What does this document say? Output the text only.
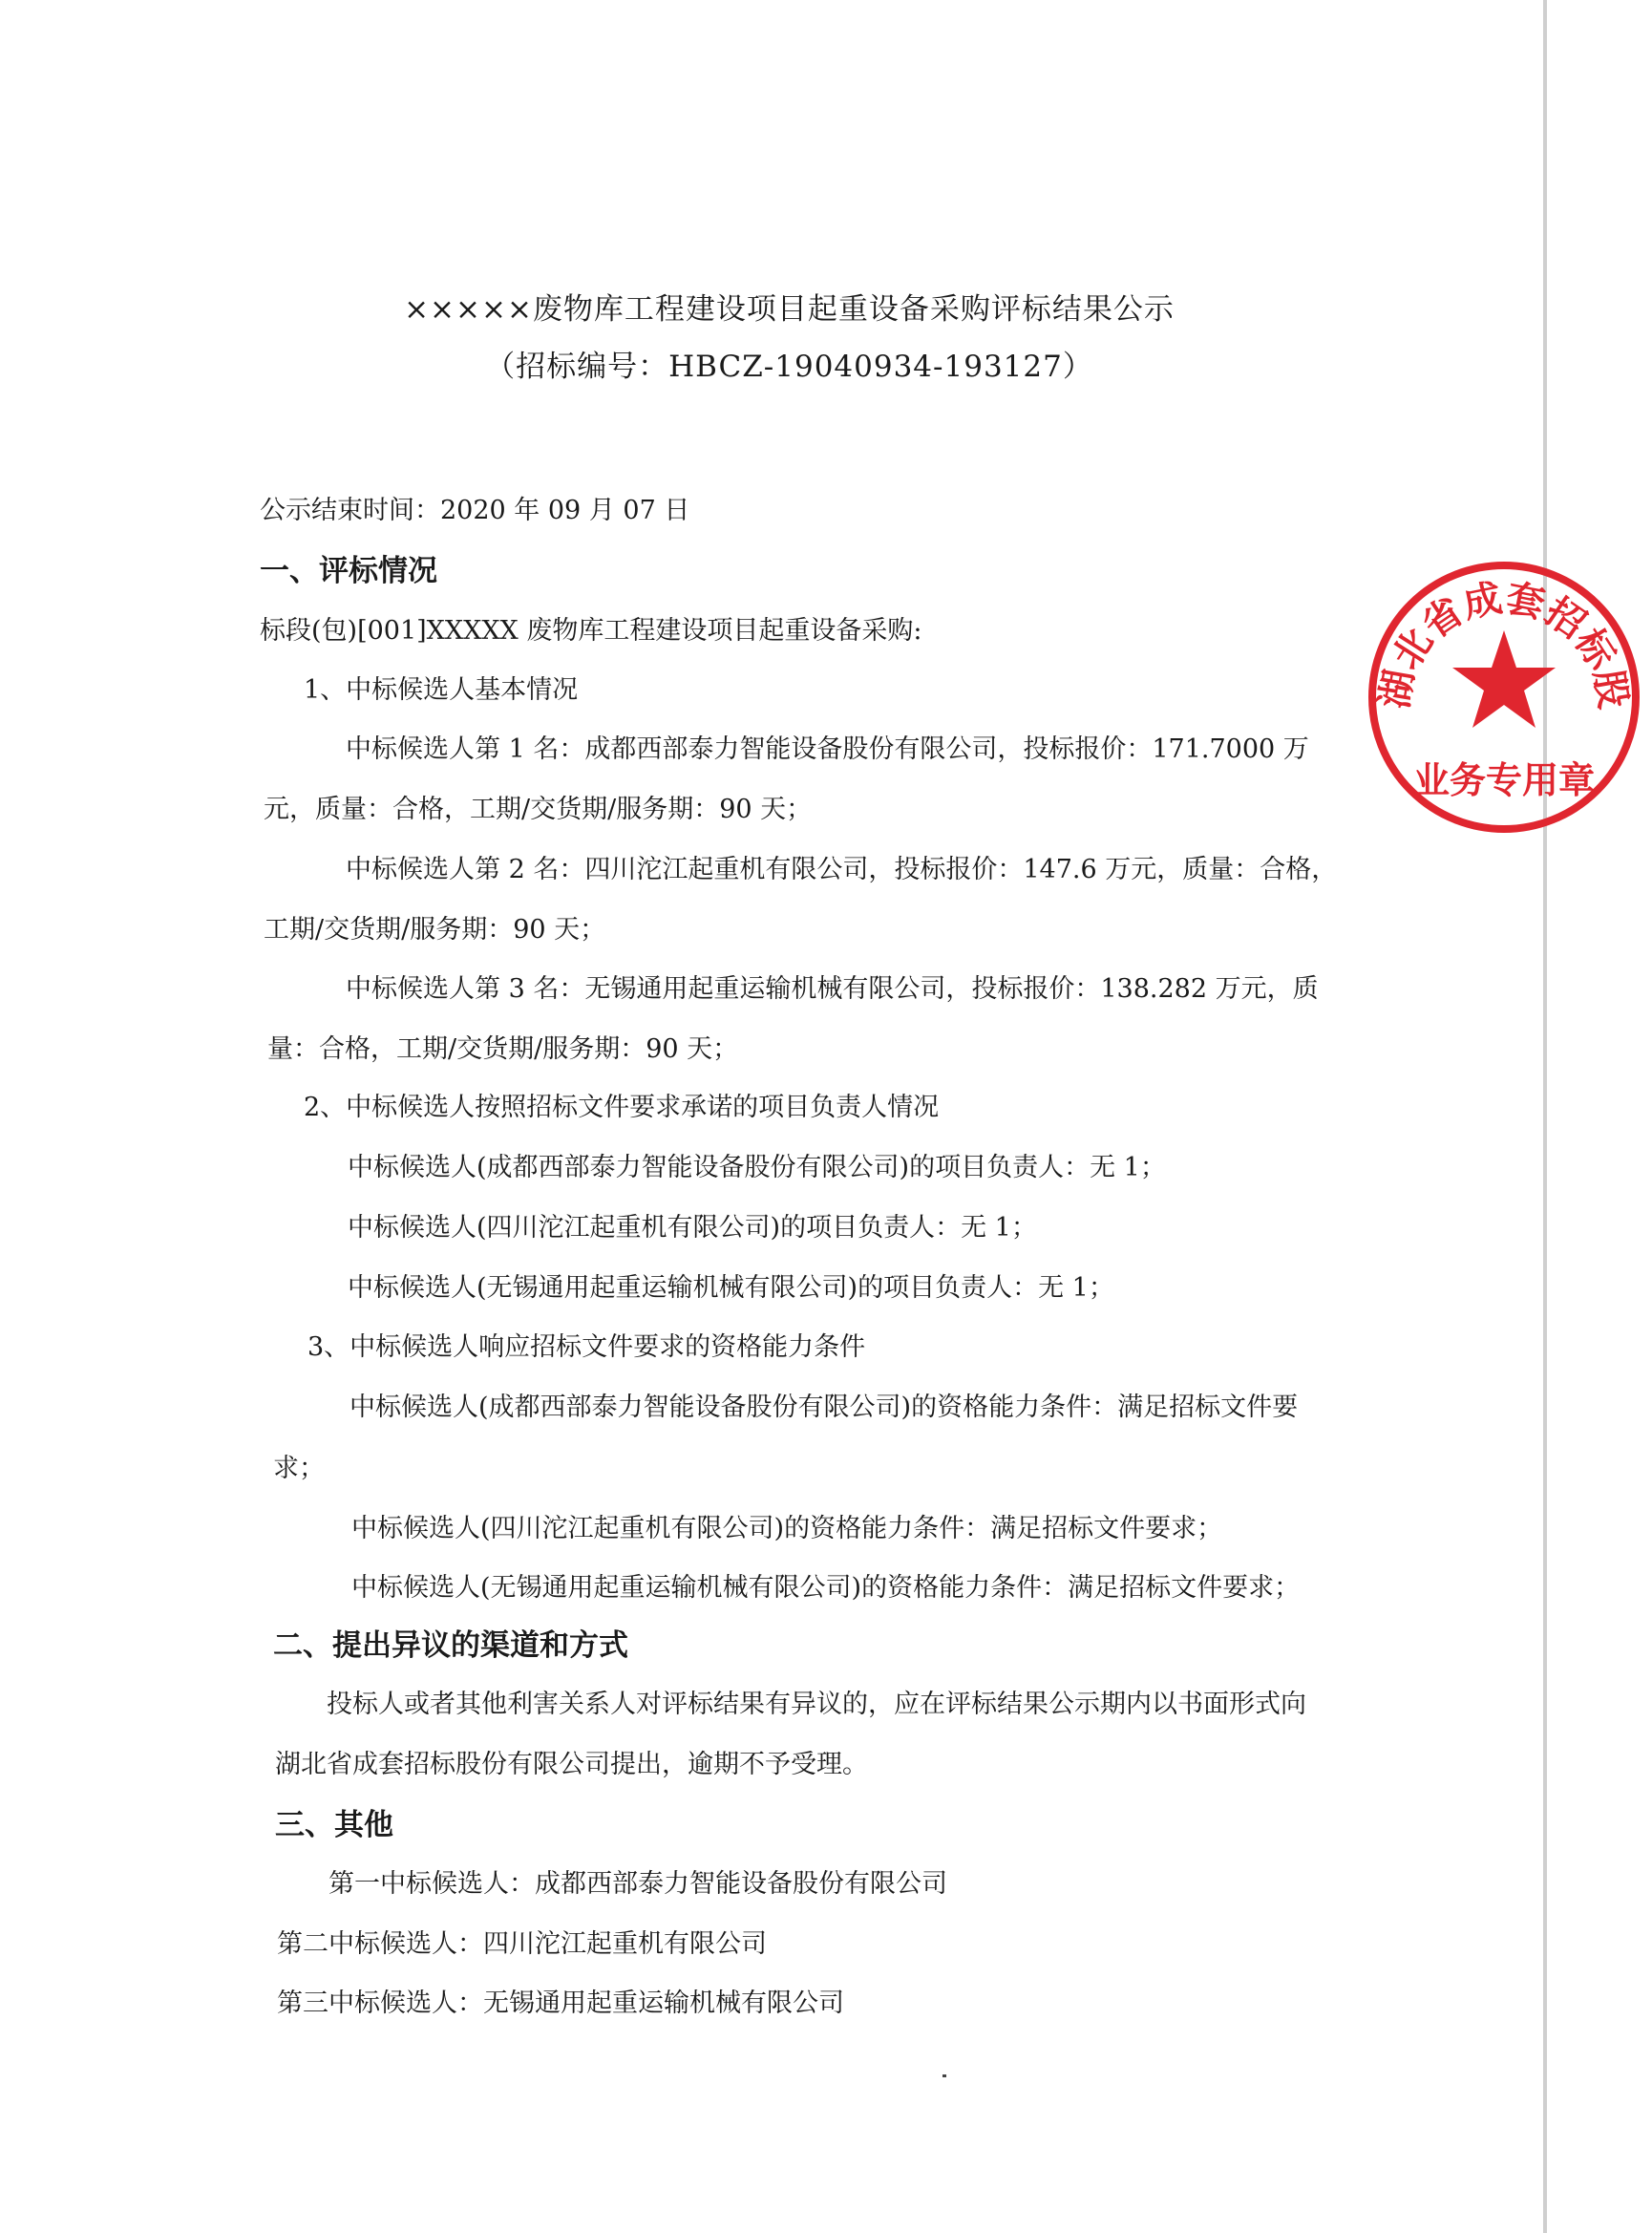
×××××废物库工程建设项目起重设备采购评标结果公示
（招标编号：HBCZ-19040934-193127）
公示结束时间：2020 年 09 月 07 日
一、评标情况
标段(包)[001]XXXXX 废物库工程建设项目起重设备采购:
1、中标候选人基本情况
中标候选人第 1 名：成都西部泰力智能设备股份有限公司，投标报价：171.7000 万
元，质量：合格，工期/交货期/服务期：90 天；
中标候选人第 2 名：四川沱江起重机有限公司，投标报价：147.6 万元，质量：合格，
工期/交货期/服务期：90 天；
中标候选人第 3 名：无锡通用起重运输机械有限公司，投标报价：138.282 万元，质
量：合格，工期/交货期/服务期：90 天；
2、中标候选人按照招标文件要求承诺的项目负责人情况
中标候选人(成都西部泰力智能设备股份有限公司)的项目负责人：无 1；
中标候选人(四川沱江起重机有限公司)的项目负责人：无 1；
中标候选人(无锡通用起重运输机械有限公司)的项目负责人：无 1；
3、中标候选人响应招标文件要求的资格能力条件
中标候选人(成都西部泰力智能设备股份有限公司)的资格能力条件：满足招标文件要
求；
中标候选人(四川沱江起重机有限公司)的资格能力条件：满足招标文件要求；
中标候选人(无锡通用起重运输机械有限公司)的资格能力条件：满足招标文件要求；
二、提出异议的渠道和方式
投标人或者其他利害关系人对评标结果有异议的，应在评标结果公示期内以书面形式向
湖北省成套招标股份有限公司提出，逾期不予受理。
三、其他
第一中标候选人：成都西部泰力智能设备股份有限公司
第二中标候选人：四川沱江起重机有限公司
第三中标候选人：无锡通用起重运输机械有限公司
湖北省成套招标股
业务专用章
